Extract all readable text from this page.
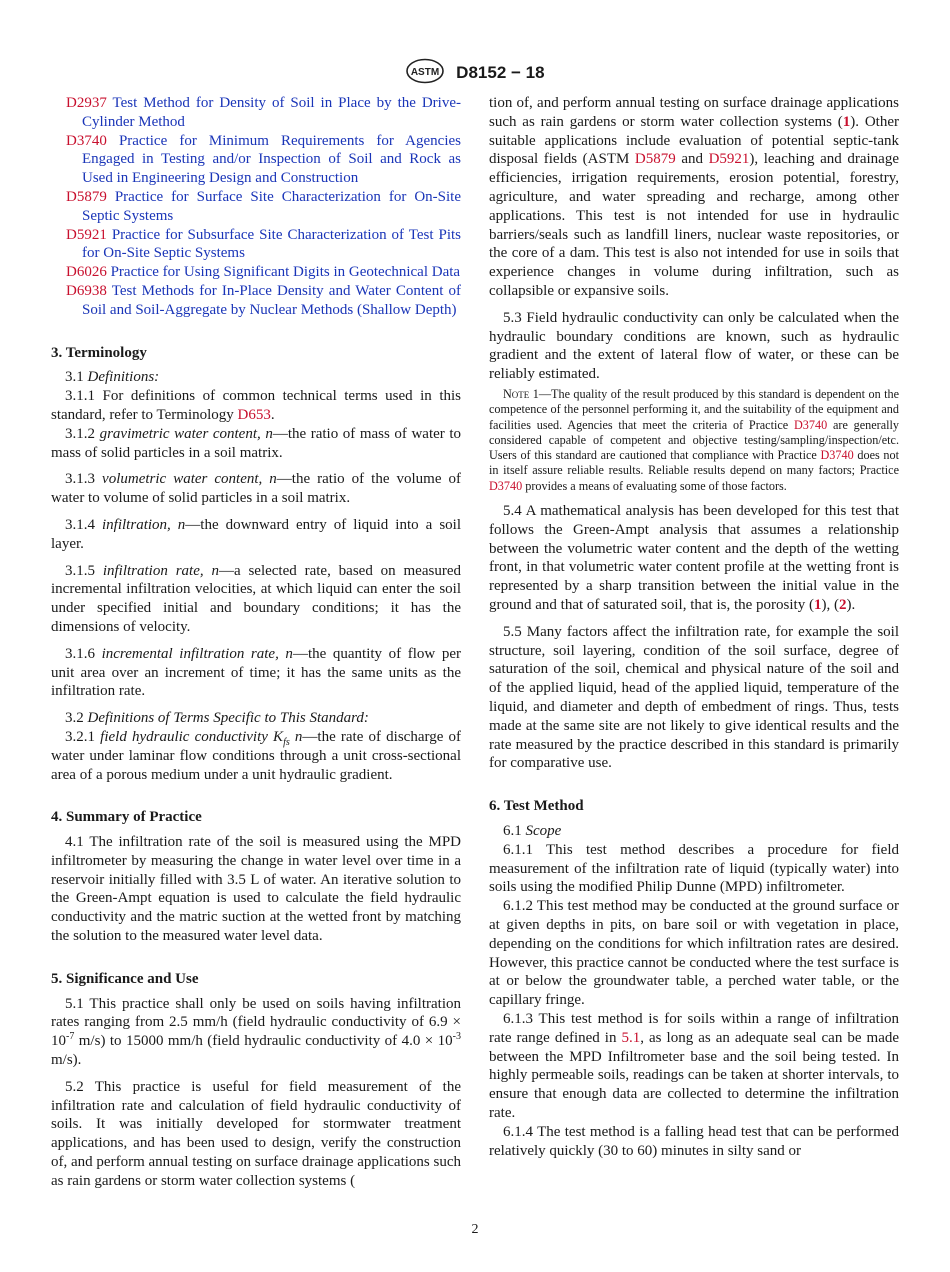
ASTM D8152 − 18

D2937 Test Method for Density of Soil in Place by the Drive-Cylinder Method

D3740 Practice for Minimum Requirements for Agencies Engaged in Testing and/or Inspection of Soil and Rock as Used in Engineering Design and Construction

D5879 Practice for Surface Site Characterization for On-Site Septic Systems

D5921 Practice for Subsurface Site Characterization of Test Pits for On-Site Septic Systems

D6026 Practice for Using Significant Digits in Geotechnical Data

D6938 Test Methods for In-Place Density and Water Content of Soil and Soil-Aggregate by Nuclear Methods (Shallow Depth)

3. Terminology

3.1 Definitions:

3.1.1 For definitions of common technical terms used in this standard, refer to Terminology D653.

3.1.2 gravimetric water content, n—the ratio of mass of water to mass of solid particles in a soil matrix.

3.1.3 volumetric water content, n—the ratio of the volume of water to volume of solid particles in a soil matrix.

3.1.4 infiltration, n—the downward entry of liquid into a soil layer.

3.1.5 infiltration rate, n—a selected rate, based on measured incremental infiltration velocities, at which liquid can enter the soil under specified initial and boundary conditions; it has the dimensions of velocity.

3.1.6 incremental infiltration rate, n—the quantity of flow per unit area over an increment of time; it has the same units as the infiltration rate.

3.2 Definitions of Terms Specific to This Standard:

3.2.1 field hydraulic conductivity $K_{fs}$ n—the rate of discharge of water under laminar flow conditions through a unit cross-sectional area of a porous medium under a unit hydraulic gradient.

4. Summary of Practice

4.1 The infiltration rate of the soil is measured using the MPD infiltrometer by measuring the change in water level over time in a reservoir initially filled with 3.5 L of water. An iterative solution to the Green-Ampt equation is used to calculate the field hydraulic conductivity and the matric suction at the wetted front by matching the solution to the measured water level data.

5. Significance and Use

5.1 This practice shall only be used on soils having infiltration rates ranging from 2.5 mm/h (field hydraulic conductivity of $6.9 \times 10^{-7}$ m/s) to 15000 mm/h (field hydraulic conductivity of $4.0 \times 10^{-3}$ m/s).

5.2 This practice is useful for field measurement of the infiltration rate and calculation of field hydraulic conductivity of soils. It was initially developed for stormwater treatment applications, and has been used to design, verify the construction of, and perform annual testing on surface drainage applications such as rain gardens or storm water collection systems (

tion of, and perform annual testing on surface drainage applications such as rain gardens or storm water collection systems (1). Other suitable applications include evaluation of potential septic-tank disposal fields (ASTM D5879 and D5921), leaching and drainage efficiencies, irrigation requirements, erosion potential, forestry, agriculture, and water spreading and recharge, among other applications. This test is not intended for use in hydraulic barriers/seals such as landfill liners, nuclear waste repositories, or the core of a dam. This test is also not intended for use in soils that experience changes in volume during infiltration, such as collapsible or expansive soils.

5.3 Field hydraulic conductivity can only be calculated when the hydraulic boundary conditions are known, such as hydraulic gradient and the extent of lateral flow of water, or these can be reliably estimated.

Note 1—The quality of the result produced by this standard is dependent on the competence of the personnel performing it, and the suitability of the equipment and facilities used. Agencies that meet the criteria of Practice D3740 are generally considered capable of competent and objective testing/sampling/inspection/etc. Users of this standard are cautioned that compliance with Practice D3740 does not in itself assure reliable results. Reliable results depend on many factors; Practice D3740 provides a means of evaluating some of those factors.

5.4 A mathematical analysis has been developed for this test that follows the Green-Ampt analysis that assumes a relationship between the volumetric water content and the depth of the wetting front, in that volumetric water content profile at the wetting front is represented by a sharp transition between the initial value in the ground and that of saturated soil, that is, the porosity (1), (2).

5.5 Many factors affect the infiltration rate, for example the soil structure, soil layering, condition of the soil surface, degree of saturation of the soil, chemical and physical nature of the soil and of the applied liquid, head of the applied liquid, temperature of the liquid, and diameter and depth of embedment of rings. Thus, tests made at the same site are not likely to give identical results and the rate measured by the practice described in this standard is primarily for comparative use.

6. Test Method

6.1 Scope

6.1.1 This test method describes a procedure for field measurement of the infiltration rate of liquid (typically water) into soils using the modified Philip Dunne (MPD) infiltrometer.

6.1.2 This test method may be conducted at the ground surface or at given depths in pits, on bare soil or with vegetation in place, depending on the conditions for which infiltration rates are desired. However, this practice cannot be conducted where the test surface is at or below the groundwater table, a perched water table, or the capillary fringe.

6.1.3 This test method is for soils within a range of infiltration rate range defined in 5.1, as long as an adequate seal can be made between the MPD Infiltrometer base and the soil being tested. In highly permeable soils, readings can be taken at shorter intervals, to ensure that enough data are collected to determine the infiltration rate.

6.1.4 The test method is a falling head test that can be performed relatively quickly (30 to 60) minutes in silty sand or

2
